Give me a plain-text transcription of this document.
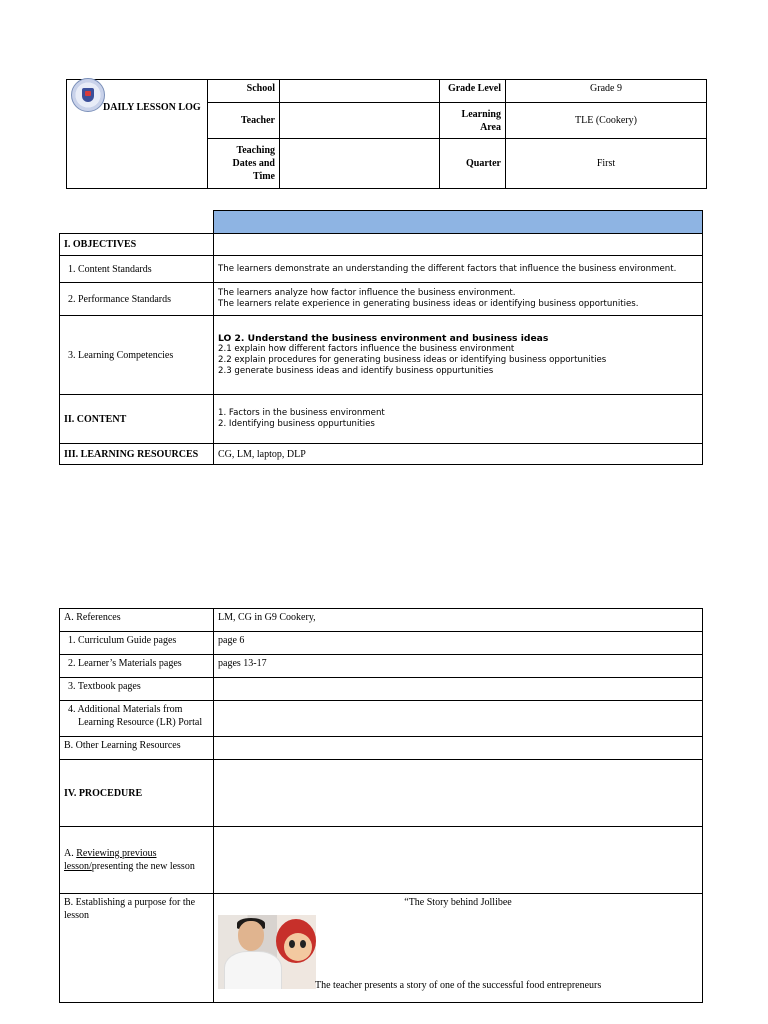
DAILY LESSON LOG	School		Grade Level	Grade 9
	Teacher		Learning Area	TLE (Cookery)
	Teaching Dates and Time		Quarter	First

I. OBJECTIVES	
1. Content Standards	The learners demonstrate an understanding the different factors that influence the business environment.
2. Performance Standards	The learners analyze how factor influence the business environment.
The learners relate experience in generating business ideas or identifying business opportunities.

3. Learning Competencies	LO 2. Understand the business environment and business ideas
2.1 explain how different factors influence the business environment
2.2 explain procedures for generating business ideas or identifying business opportunities
2.3 generate business ideas and identify business oppurtunities

II. CONTENT	1. Factors in the business environment
2. Identifying business oppurtunities

III. LEARNING RESOURCES	CG, LM, laptop, DLP
A. References	LM, CG in G9 Cookery,
1. Curriculum Guide pages	page 6
2. Learner’s Materials pages	pages 13-17
3. Textbook pages	

4. Additional Materials from
Learning Resource (LR) Portal	

B. Other Learning Resources	
IV. PROCEDURE	
A. Reviewing previous
lesson/presenting the new lesson	
B. Establishing a purpose for the lesson	“The Story behind Jollibee
The teacher presents a story of one of the successful food entrepreneurs
